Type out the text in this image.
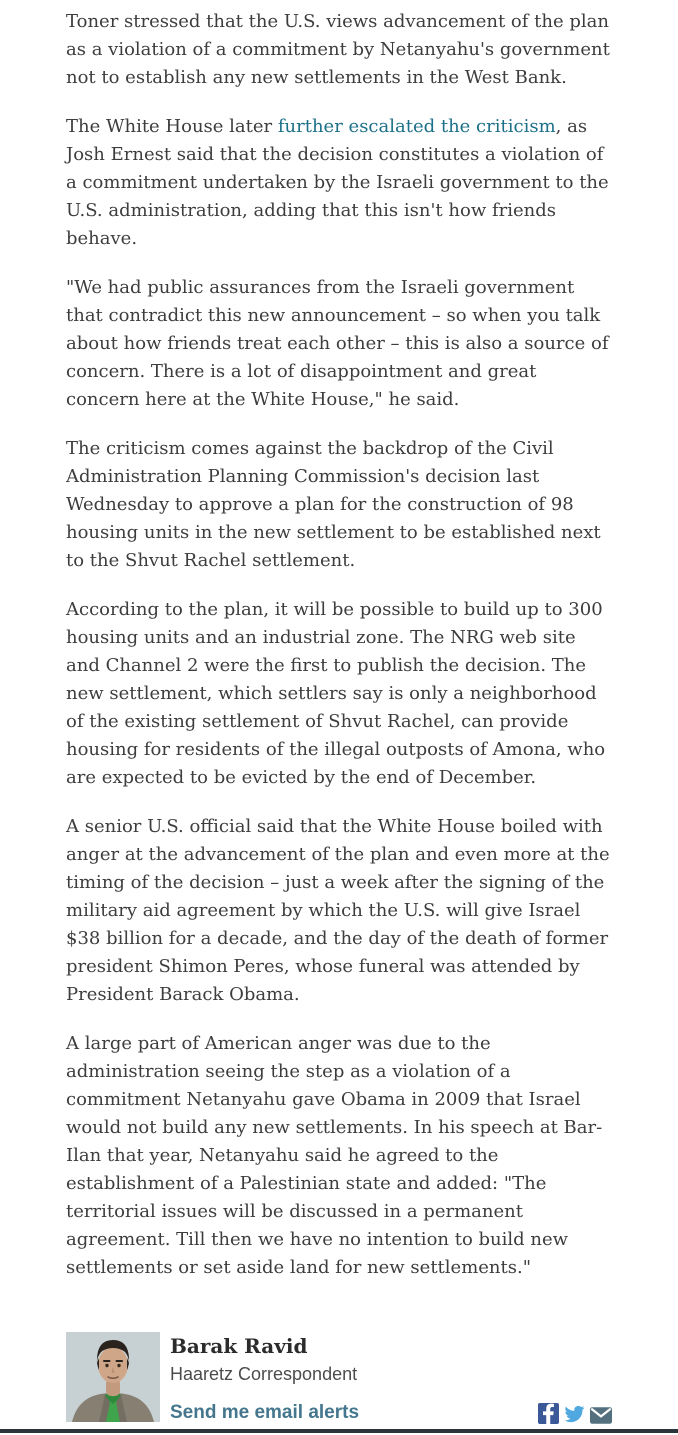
Toner stressed that the U.S. views advancement of the plan as a violation of a commitment by Netanyahu's government not to establish any new settlements in the West Bank.

The White House later further escalated the criticism, as Josh Ernest said that the decision constitutes a violation of a commitment undertaken by the Israeli government to the U.S. administration, adding that this isn't how friends behave.

"We had public assurances from the Israeli government that contradict this new announcement – so when you talk about how friends treat each other – this is also a source of concern. There is a lot of disappointment and great concern here at the White House," he said.

The criticism comes against the backdrop of the Civil Administration Planning Commission's decision last Wednesday to approve a plan for the construction of 98 housing units in the new settlement to be established next to the Shvut Rachel settlement.

According to the plan, it will be possible to build up to 300 housing units and an industrial zone. The NRG web site and Channel 2 were the first to publish the decision. The new settlement, which settlers say is only a neighborhood of the existing settlement of Shvut Rachel, can provide housing for residents of the illegal outposts of Amona, who are expected to be evicted by the end of December.

A senior U.S. official said that the White House boiled with anger at the advancement of the plan and even more at the timing of the decision – just a week after the signing of the military aid agreement by which the U.S. will give Israel $38 billion for a decade, and the day of the death of former president Shimon Peres, whose funeral was attended by President Barack Obama.

A large part of American anger was due to the administration seeing the step as a violation of a commitment Netanyahu gave Obama in 2009 that Israel would not build any new settlements. In his speech at Bar-Ilan that year, Netanyahu said he agreed to the establishment of a Palestinian state and added: "The territorial issues will be discussed in a permanent agreement. Till then we have no intention to build new settlements or set aside land for new settlements."

Barak Ravid
Haaretz Correspondent
Send me email alerts
